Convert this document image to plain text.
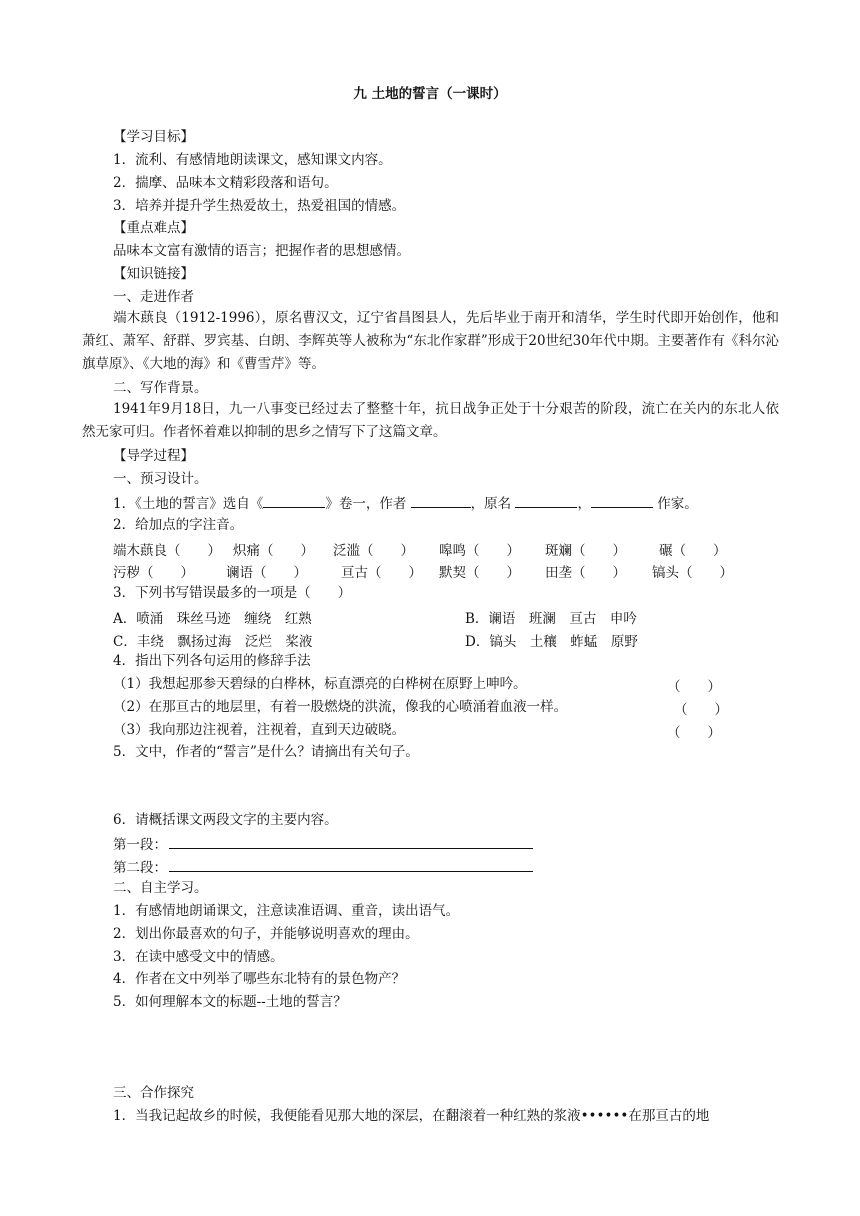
九 土地的誓言（一课时）
【学习目标】
1．流利、有感情地朗读课文，感知课文内容。
2．揣摩、品味本文精彩段落和语句。
3．培养并提升学生热爱故土，热爱祖国的情感。
【重点难点】
品味本文富有激情的语言；把握作者的思想感情。
【知识链接】
一、走进作者
端木蕻良（1912-1996），原名曹汉文，辽宁省昌图县人，先后毕业于南开和清华，学生时代即开始创作，他和萧红、萧军、舒群、罗宾基、白朗、李辉英等人被称为“东北作家群”形成于20世纪30年代中期。主要著作有《科尔沁旗草原》、《大地的海》和《曹雪芹》等。
二、写作背景。
1941年9月18日，九一八事变已经过去了整整十年，抗日战争正处于十分艰苦的阶段，流亡在关内的东北人依然无家可归。作者怀着难以抑制的思乡之情写下了这篇文章。
【导学过程】
一、预习设计。
1．《土地的誓言》选自《	》卷一，作者	，原名	，	作家。
2．给加点的字注音。
端木蕻良（　　） 炽痛（　　） 泛滥（　　） 嗥鸣（　　） 斑斓（　　） 碾（　　）
污秽（　　） 谰语（　　）	亘古（　　） 默契（　　） 田垄（　　） 镐头（　　）
3．下列书写错误最多的一项是（　　）
A．喷涌　珠丝马迹　缠绕　红熟	B．谰语　班澜　亘古　申吟
C．丰绕　飘扬过海　泛烂　桨液	D．镐头　土穰　蚱蜢　原野
4．指出下列各句运用的修辞手法
（1）我想起那参天碧绿的白桦林，标直漂亮的白桦树在原野上呻吟。	（　　）
（2）在那亘古的地层里，有着一股燃烧的洪流，像我的心喷涌着血液一样。	（　　）
（3）我向那边注视着，注视着，直到天边破晓。	（　　）
5．文中，作者的“誓言”是什么？请摘出有关句子。
6．请概括课文两段文字的主要内容。
第一段：
第二段：
二、自主学习。
1．有感情地朗诵课文，注意读准语调、重音，读出语气。
2．划出你最喜欢的句子，并能够说明喜欢的理由。
3．在读中感受文中的情感。
4．作者在文中列举了哪些东北特有的景色物产？
5．如何理解本文的标题--土地的誓言？
三、合作探究
1．当我记起故乡的时候，我便能看见那大地的深层，在翻滚着一种红熟的浆液••••••在那亘古的地
